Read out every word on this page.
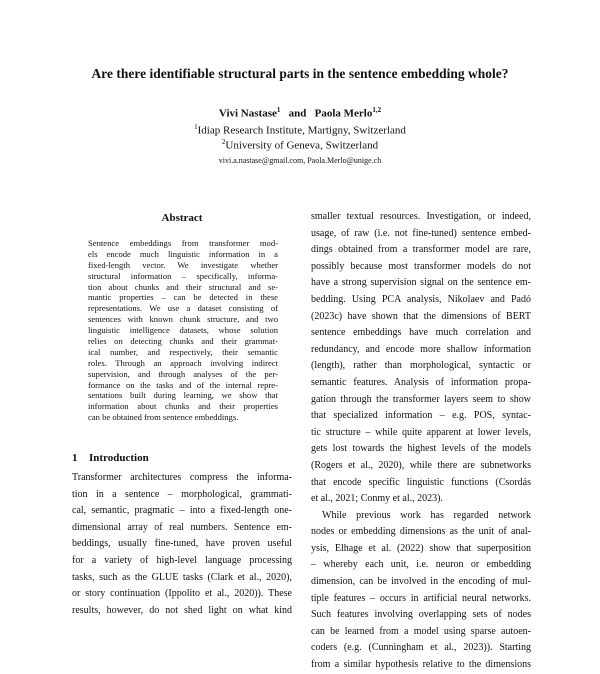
Are there identifiable structural parts in the sentence embedding whole?
Vivi Nastase$^1$ and Paola Merlo$^{1,2}$
$^1$Idiap Research Institute, Martigny, Switzerland
$^2$University of Geneva, Switzerland
vivi.a.nastase@gmail.com, Paola.Merlo@unige.ch
Abstract
Sentence embeddings from transformer mod-
els encode much linguistic information in a
fixed-length vector. We investigate whether
structural information – specifically, informa-
tion about chunks and their structural and se-
mantic properties – can be detected in these
representations. We use a dataset consisting of
sentences with known chunk structure, and two
linguistic intelligence datasets, whose solution
relies on detecting chunks and their grammat-
ical number, and respectively, their semantic
roles. Through an approach involving indirect
supervision, and through analyses of the per-
formance on the tasks and of the internal repre-
sentations built during learning, we show that
information about chunks and their properties
can be obtained from sentence embeddings.
1 Introduction
Transformer architectures compress the informa-
tion in a sentence – morphological, grammati-
cal, semantic, pragmatic – into a fixed-length one-
dimensional array of real numbers. Sentence em-
beddings, usually fine-tuned, have proven useful
for a variety of high-level language processing
tasks, such as the GLUE tasks (Clark et al., 2020),
or story continuation (Ippolito et al., 2020)). These
results, however, do not shed light on what kind
smaller textual resources. Investigation, or indeed,
usage, of raw (i.e. not fine-tuned) sentence embed-
dings obtained from a transformer model are rare,
possibly because most transformer models do not
have a strong supervision signal on the sentence em-
bedding. Using PCA analysis, Nikolaev and Padó
(2023c) have shown that the dimensions of BERT
sentence embeddings have much correlation and
redundancy, and encode more shallow information
(length), rather than morphological, syntactic or
semantic features. Analysis of information propa-
gation through the transformer layers seem to show
that specialized information – e.g. POS, syntac-
tic structure – while quite apparent at lower levels,
gets lost towards the highest levels of the models
(Rogers et al., 2020), while there are subnetworks
that encode specific linguistic functions (Csordás
et al., 2021; Conmy et al., 2023).
While previous work has regarded network
nodes or embedding dimensions as the unit of anal-
ysis, Elhage et al. (2022) show that superposition
– whereby each unit, i.e. neuron or embedding
dimension, can be involved in the encoding of mul-
tiple features – occurs in artificial neural networks.
Such features involving overlapping sets of nodes
can be learned from a model using sparse autoen-
coders (e.g. (Cunningham et al., 2023)). Starting
from a similar hypothesis relative to the dimensions
